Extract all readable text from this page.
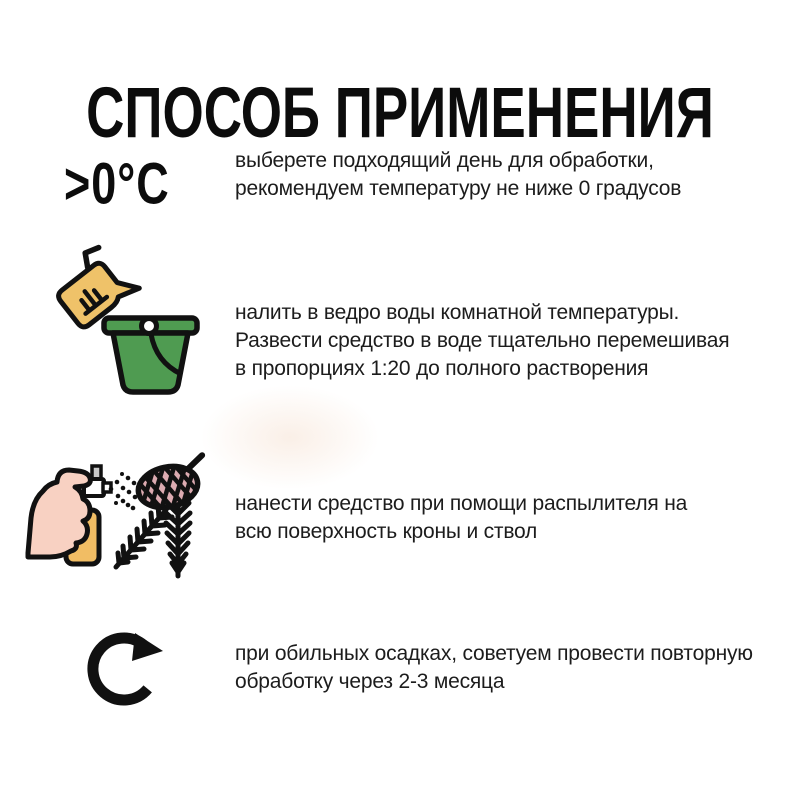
СПОСОБ ПРИМЕНЕНИЯ
>0°C	выберете подходящий день для обработки,
рекомендуем температуру не ниже 0 градусов
налить в ведро воды комнатной температуры.
Развести средство в воде тщательно перемешивая
в пропорциях 1:20 до полного растворения
нанести средство при помощи распылителя на
всю поверхность кроны и ствол
при обильных осадках, советуем провести повторную
обработку через 2-3 месяца
